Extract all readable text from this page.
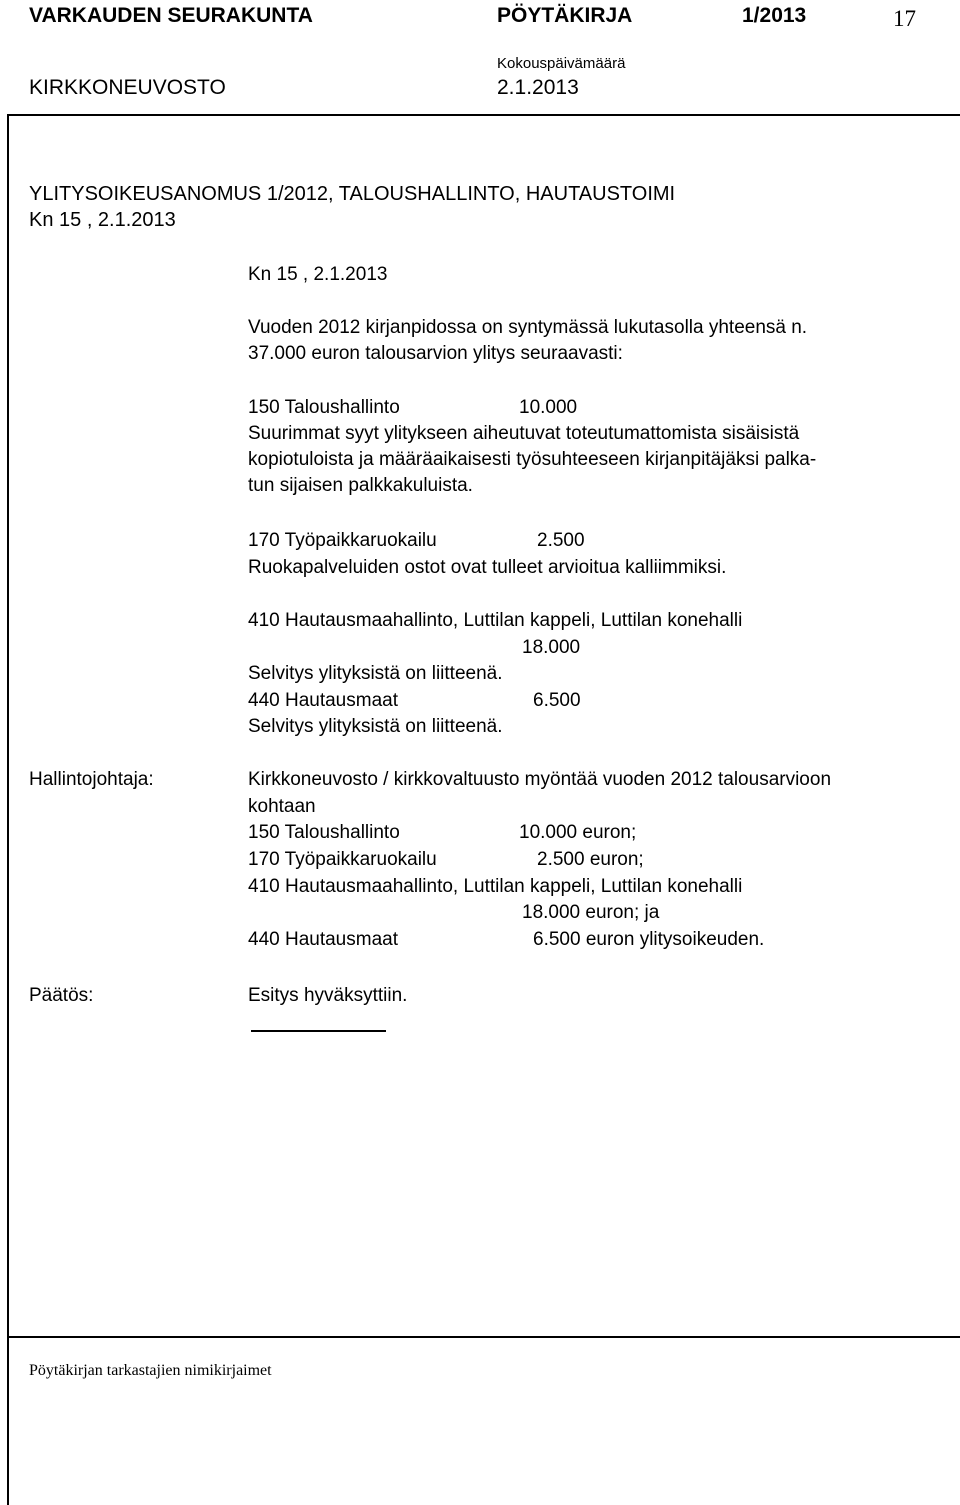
VARKAUDEN SEURAKUNTA	PÖYTÄKIRJA	1/2013	17
KIRKKONEUVOSTO
Kokouspäivämäärä
2.1.2013
YLITYSOIKEUSANOMUS 1/2012, TALOUSHALLINTO, HAUTAUSTOIMI
Kn 15 , 2.1.2013
Kn 15 , 2.1.2013
Vuoden 2012 kirjanpidossa on syntymässä lukutasolla yhteensä n.
37.000 euron talousarvion ylitys seuraavasti:
150 Taloushallinto	10.000
Suurimmat syyt ylitykseen aiheutuvat toteutumattomista sisäisistä
kopiotuloista ja määräaikaisesti työsuhteeseen kirjanpitäjäksi palka-
tun sijaisen palkkakuluista.
170 Työpaikkaruokailu	2.500
Ruokapalveluiden ostot ovat tulleet arvioitua kalliimmiksi.
410 Hautausmaahallinto, Luttilan kappeli, Luttilan konehalli
18.000
Selvitys ylityksistä on liitteenä.
440 Hautausmaat	6.500
Selvitys ylityksistä on liitteenä.
Hallintojohtaja:	Kirkkoneuvosto / kirkkovaltuusto myöntää vuoden 2012 talousarvioon
kohtaan
150 Taloushallinto	10.000 euron;
170 Työpaikkaruokailu	2.500 euron;
410 Hautausmaahallinto, Luttilan kappeli, Luttilan konehalli
18.000 euron; ja
440 Hautausmaat	6.500 euron ylitysoikeuden.
Päätös:	Esitys hyväksyttiin.
Pöytäkirjan tarkastajien nimikirjaimet
